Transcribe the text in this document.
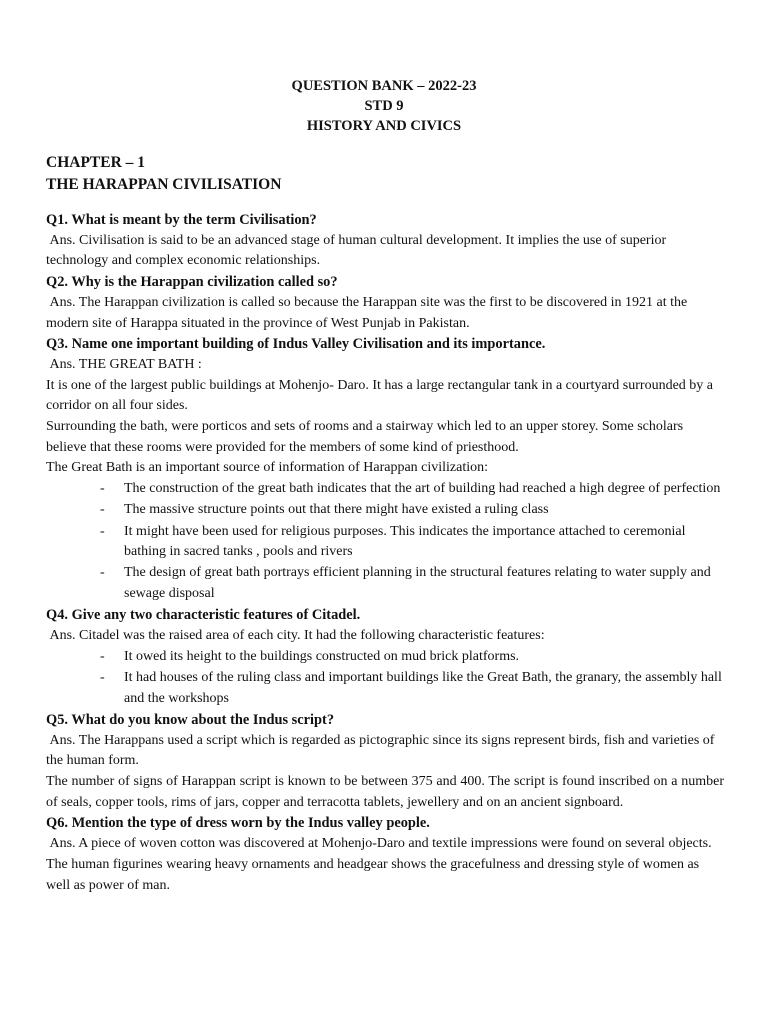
QUESTION BANK – 2022-23
STD 9
HISTORY AND CIVICS
CHAPTER – 1
THE HARAPPAN CIVILISATION
Q1. What is meant by the term Civilisation?
Ans. Civilisation is said to be an advanced stage of human cultural development. It implies the use of superior technology and complex economic relationships.
Q2. Why is the Harappan civilization called so?
Ans. The Harappan civilization is called so because the Harappan site was the first to be discovered in 1921 at the modern site of Harappa situated in the province of West Punjab in Pakistan.
Q3. Name one important building of Indus Valley Civilisation and its importance.
Ans. THE GREAT BATH :
It is one of the largest public buildings at Mohenjo- Daro. It has a large rectangular tank in a courtyard surrounded by a corridor on all four sides.
Surrounding the bath, were porticos and sets of rooms and a stairway which led to an upper storey. Some scholars believe that these rooms were provided for the members of some kind of priesthood.
The Great Bath is an important source of information of Harappan civilization:
- The construction of the great bath indicates that the art of building had reached a high degree of perfection
- The massive structure points out that there might have existed a ruling class
- It might have been used for religious purposes. This indicates the importance attached to ceremonial bathing in sacred tanks , pools and rivers
- The design of great bath portrays efficient planning in the structural features relating to water supply and sewage disposal
Q4. Give any two characteristic features of Citadel.
Ans. Citadel was the raised area of each city. It had the following characteristic features:
- It owed its height to the buildings constructed on mud brick platforms.
- It had houses of the ruling class and important buildings like the Great Bath, the granary, the assembly hall and the workshops
Q5. What do you know about the Indus script?
Ans. The Harappans used a script which is regarded as pictographic since its signs represent birds, fish and varieties of the human form.
The number of signs of Harappan script is known to be between 375 and 400. The script is found inscribed on a number of seals, copper tools, rims of jars, copper and terracotta tablets, jewellery and on an ancient signboard.
Q6. Mention the type of dress worn by the Indus valley people.
Ans. A piece of woven cotton was discovered at Mohenjo-Daro and textile impressions were found on several objects.
The human figurines wearing heavy ornaments and headgear shows the gracefulness and dressing style of women as well as power of man.
